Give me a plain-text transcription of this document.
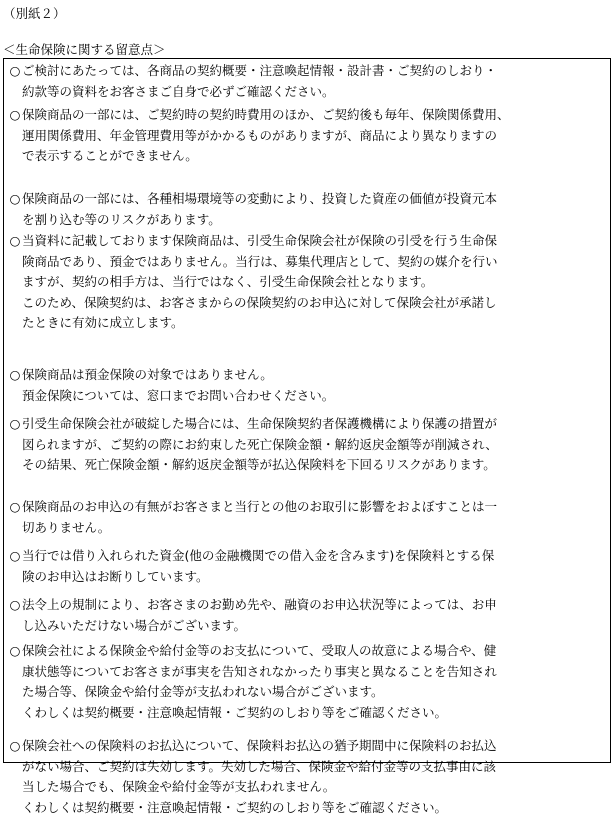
（別紙２）
＜生命保険に関する留意点＞
○ ご検討にあたっては、各商品の契約概要・注意喚起情報・設計書・ご契約のしおり・
約款等の資料をお客さまご自身で必ずご確認ください。
○ 保険商品の一部には、ご契約時の契約時費用のほか、ご契約後も毎年、保険関係費用、
運用関係費用、年金管理費用等がかかるものがありますが、商品により異なりますの
で表示することができません。
○ 保険商品の一部には、各種相場環境等の変動により、投資した資産の価値が投資元本
を割り込む等のリスクがあります。
○ 当資料に記載しております保険商品は、引受生命保険会社が保険の引受を行う生命保
険商品であり、預金ではありません。当行は、募集代理店として、契約の媒介を行い
ますが、契約の相手方は、当行ではなく、引受生命保険会社となります。
このため、保険契約は、お客さまからの保険契約のお申込に対して保険会社が承諾し
たときに有効に成立します。
○ 保険商品は預金保険の対象ではありません。
預金保険については、窓口までお問い合わせください。
○ 引受生命保険会社が破綻した場合には、生命保険契約者保護機構により保護の措置が
図られますが、ご契約の際にお約束した死亡保険金額・解約返戻金額等が削減され、
その結果、死亡保険金額・解約返戻金額等が払込保険料を下回るリスクがあります。
○ 保険商品のお申込の有無がお客さまと当行との他のお取引に影響をおよぼすことは一
切ありません。
○ 当行では借り入れられた資金(他の金融機関での借入金を含みます)を保険料とする保
険のお申込はお断りしています。
○ 法令上の規制により、お客さまのお勤め先や、融資のお申込状況等によっては、お申
し込みいただけない場合がございます。
○ 保険会社による保険金や給付金等のお支払について、受取人の故意による場合や、健
康状態等についてお客さまが事実を告知されなかったり事実と異なることを告知され
た場合等、保険金や給付金等が支払われない場合がございます。
くわしくは契約概要・注意喚起情報・ご契約のしおり等をご確認ください。
○ 保険会社への保険料のお払込について、保険料お払込の猶予期間中に保険料のお払込
がない場合、ご契約は失効します。失効した場合、保険金や給付金等の支払事由に該
当した場合でも、保険金や給付金等が支払われません。
くわしくは契約概要・注意喚起情報・ご契約のしおり等をご確認ください。
